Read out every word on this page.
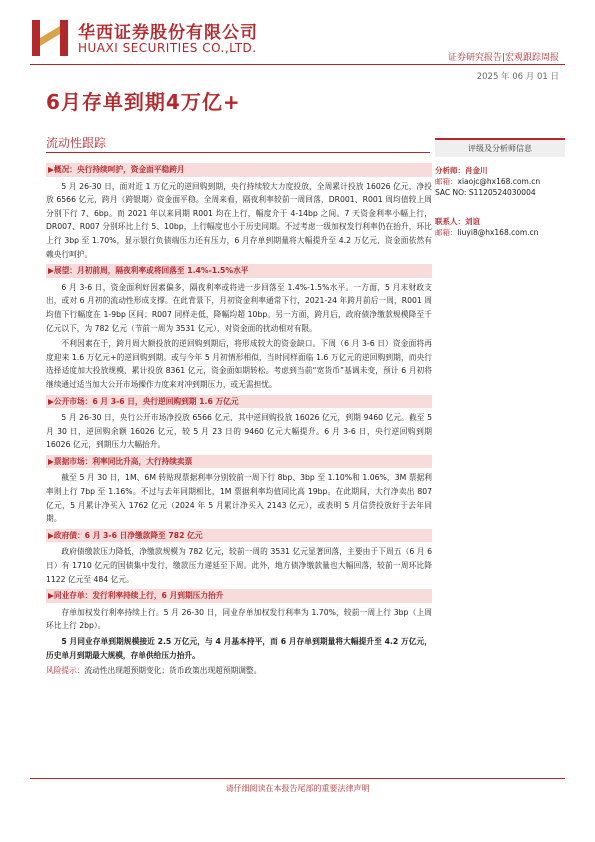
华西证券股份有限公司
HUAXI SECURITIES CO.,LTD.
证券研究报告|宏观跟踪周报
2025 年 06 月 01 日
6月存单到期4万亿+
流动性跟踪

▶概况：央行持续呵护，资金面平稳跨月

5 月 26-30 日，面对近 1 万亿元的逆回购到期，央行持续较大力度投放，全周累计投放 16026 亿元，净投放 6566 亿元，跨月（跨银期）资金面平稳。全周来看，隔夜利率较前一周回落，DR001、R001 周均值较上周分别下行 7、6bp。而 2021 年以来同期 R001 均在上行，幅度介于 4-14bp 之间。7 天资金利率小幅上行，DR007、R007 分别环比上行 5、10bp，上行幅度也小于历史同期。不过考虑一级加权发行利率仍在抬升，环比上行 3bp 至 1.70%，显示银行负债端压力还有压力，6 月存单到期量将大幅提升至 4.2 万亿元，资金面依然有赖央行呵护。

▶展望：月初前周，隔夜利率或将回落至 1.4%-1.5%水平

6 月 3-6 日，资金面利好因素偏多，隔夜利率或将进一步回落至 1.4%-1.5%水平。一方面，5 月末财政支出，或对 6 月初的流动性形成支撑。在此背景下，月初资金利率通常下行，2021-24 年跨月前后一周，R001 周均值下行幅度在 1-9bp 区间；R007 同样走低，降幅均超 10bp。另一方面，跨月后，政府债净缴款规模降至千亿元以下，为 782 亿元（节前一周为 3531 亿元），对资金面的扰动相对有限。

不利因素在于，跨月周大额投放的逆回购到期后，将形成较大的资金缺口。下周（6 月 3-6 日）资金面将再度迎来 1.6 万亿元+的逆回购到期。或与今年 5 月初情形相似，当时同样面临 1.6 万亿元的逆回购到期，而央行选择适度加大投放规模，累计投放 8361 亿元，资金面如期转松。考虑到当前“宽货币”基调未变，预计 6 月初将继续通过适当加大公开市场操作力度来对冲到期压力，或无需担忧。

▶公开市场：6 月 3-6 日，央行逆回购到期 1.6 万亿元

5 月 26-30 日，央行公开市场净投放 6566 亿元，其中逆回购投放 16026 亿元，到期 9460 亿元。截至 5 月 30 日，逆回购余额 16026 亿元，较 5 月 23 日的 9460 亿元大幅提升。6 月 3-6 日，央行逆回购到期 16026 亿元，到期压力大幅抬升。

▶票据市场：利率同比升高，大行持续卖票

截至 5 月 30 日，1M、6M 转贴现票据利率分别较前一周下行 8bp、3bp 至 1.10%和 1.06%，3M 票据利率则上行 7bp 至 1.16%。不过与去年同期相比，1M 票据利率均值同比高 19bp。在此期间，大行净卖出 807 亿元，5 月累计净买入 1762 亿元（2024 年 5 月累计净买入 2143 亿元），或表明 5 月信贷投放好于去年同期。

▶政府债：6 月 3-6 日净缴款降至 782 亿元

政府债缴款压力降低，净缴款规模为 782 亿元，较前一周的 3531 亿元显著回落，主要由于下周五（6 月 6 日）有 1710 亿元的国债集中发行，缴款压力递延至下周。此外，地方债净缴款量也大幅回落，较前一周环比降 1122 亿元至 484 亿元。

▶同业存单：发行利率持续上行，6 月到期压力抬升

存单加权发行利率持续上行。5 月 26-30 日，同业存单加权发行利率为 1.70%，较前一周上行 3bp（上周环比上行 2bp）。

5 月同业存单到期规模接近 2.5 万亿元，与 4 月基本持平，而 6 月存单到期量将大幅提升至 4.2 万亿元，历史单月到期最大规模，存单供给压力抬升。

风险提示：流动性出现超预期变化；货币政策出现超预期调整。

评级及分析师信息
分析师：肖金川
邮箱：xiaojc@hx168.com.cn
SAC NO: S1120524030004
联系人：刘谊
邮箱：liuyi8@hx168.com.cn
请仔细阅读在本报告尾部的重要法律声明
